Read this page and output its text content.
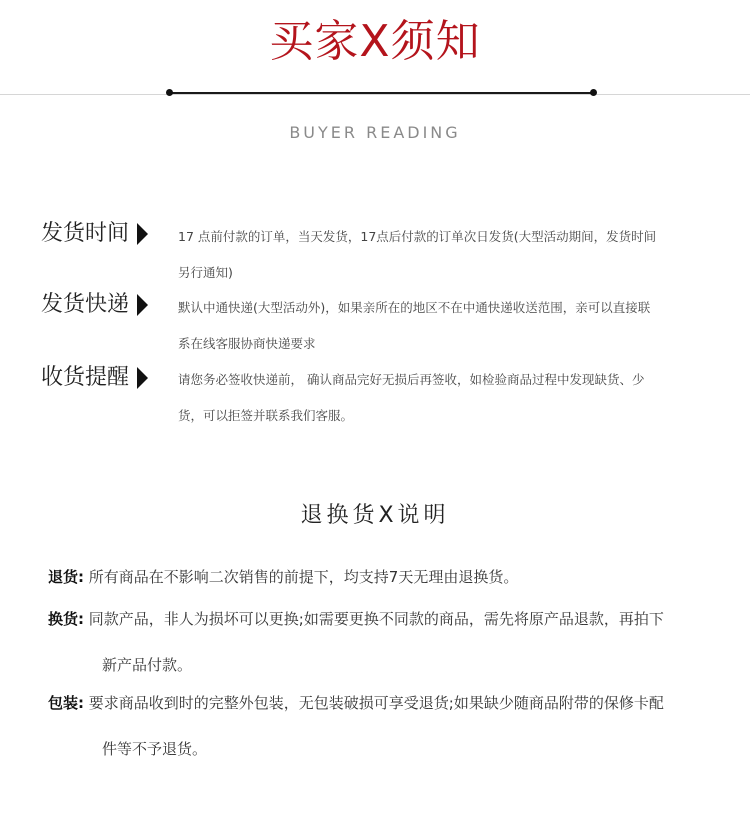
买家X须知
BUYER READING
发货时间	17 点前付款的订单，当天发货，17点后付款的订单次日发货(大型活动期间，发货时间
另行通知)
发货快递	默认中通快递(大型活动外)，如果亲所在的地区不在中通快递收送范围，亲可以直接联
系在线客服协商快递要求
收货提醒	请您务必签收快递前， 确认商品完好无损后再签收，如检验商品过程中发现缺货、少
货，可以拒签并联系我们客服。
退换货X说明
退货: 所有商品在不影响二次销售的前提下，均支持7天无理由退换货。
换货: 同款产品，非人为损坏可以更换;如需要更换不同款的商品，需先将原产品退款，再拍下
新产品付款。
包装: 要求商品收到时的完整外包装，无包装破损可享受退货;如果缺少随商品附带的保修卡配
件等不予退货。
